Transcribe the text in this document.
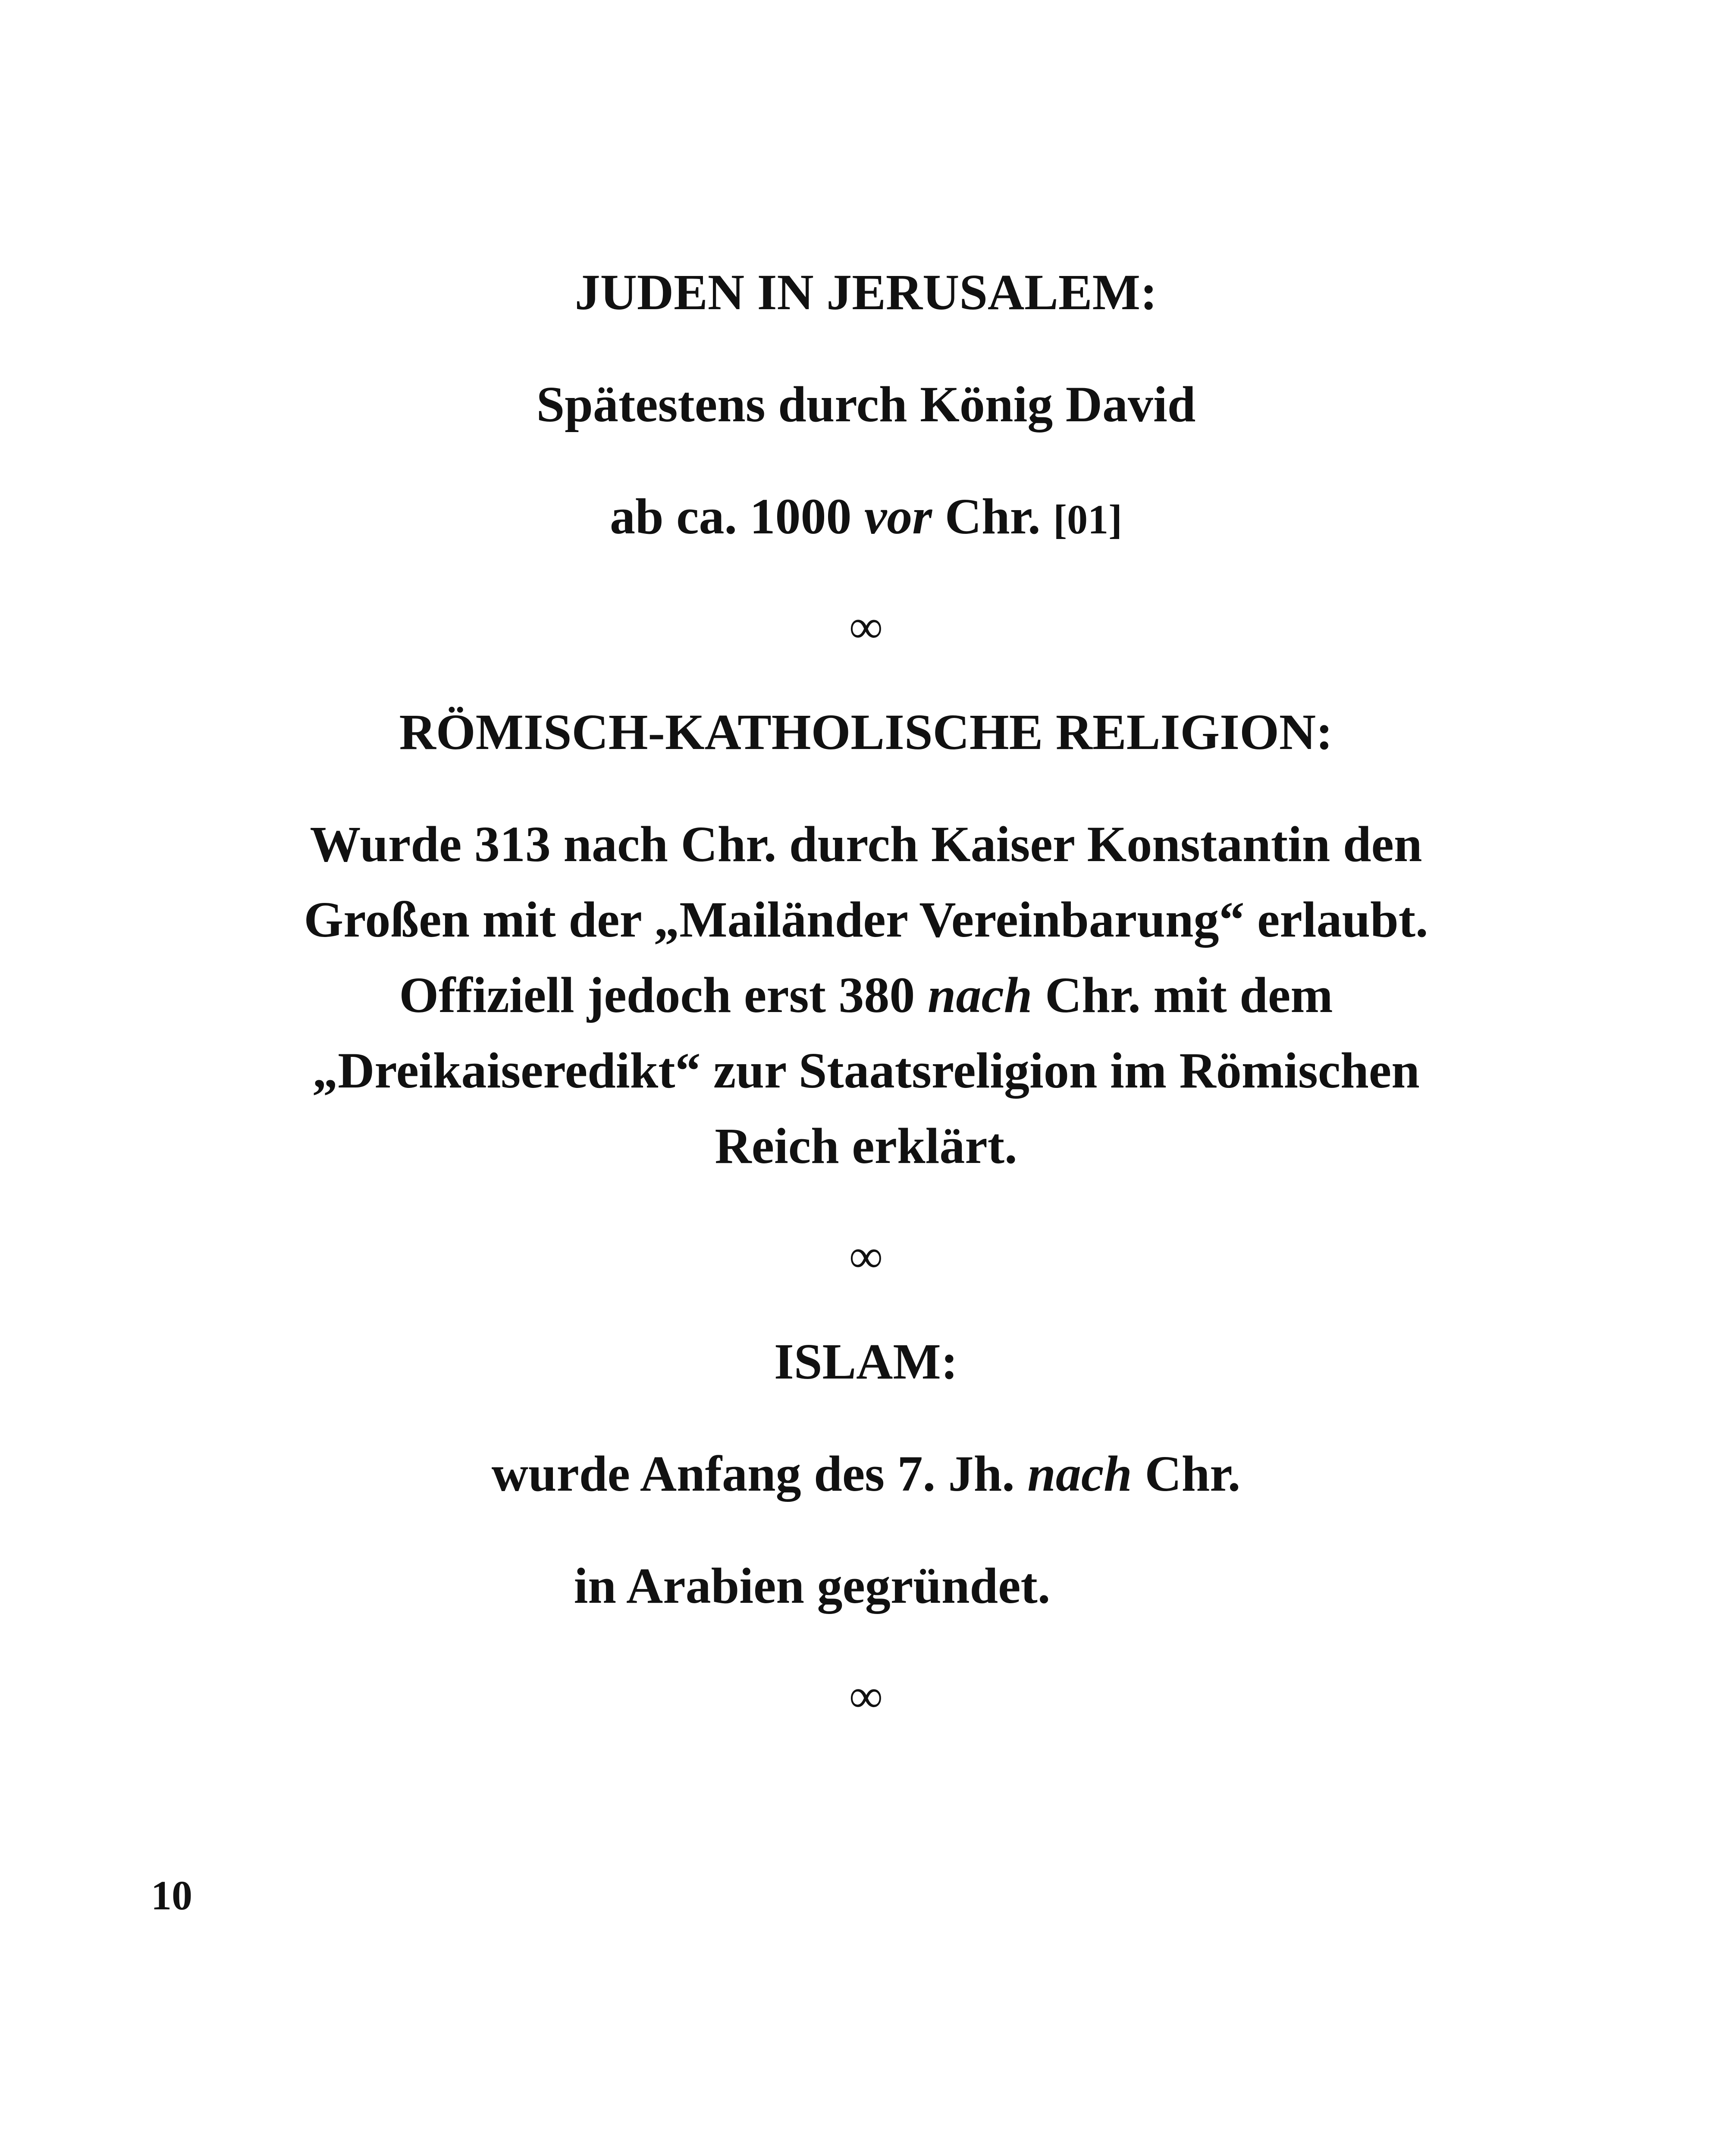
JUDEN IN JERUSALEM:

Spätestens durch König David

ab ca. 1000 vor Chr. [01]

∞

RÖMISCH-KATHOLISCHE RELIGION:

Wurde 313 nach Chr. durch Kaiser Konstantin den

Großen mit der „Mailänder Vereinbarung“ erlaubt.

Offiziell jedoch erst 380 nach Chr. mit dem

„Dreikaiseredikt“ zur Staatsreligion im Römischen

Reich erklärt.

∞

ISLAM:

wurde Anfang des 7. Jh. nach Chr.

in Arabien gegründet.

∞

10
